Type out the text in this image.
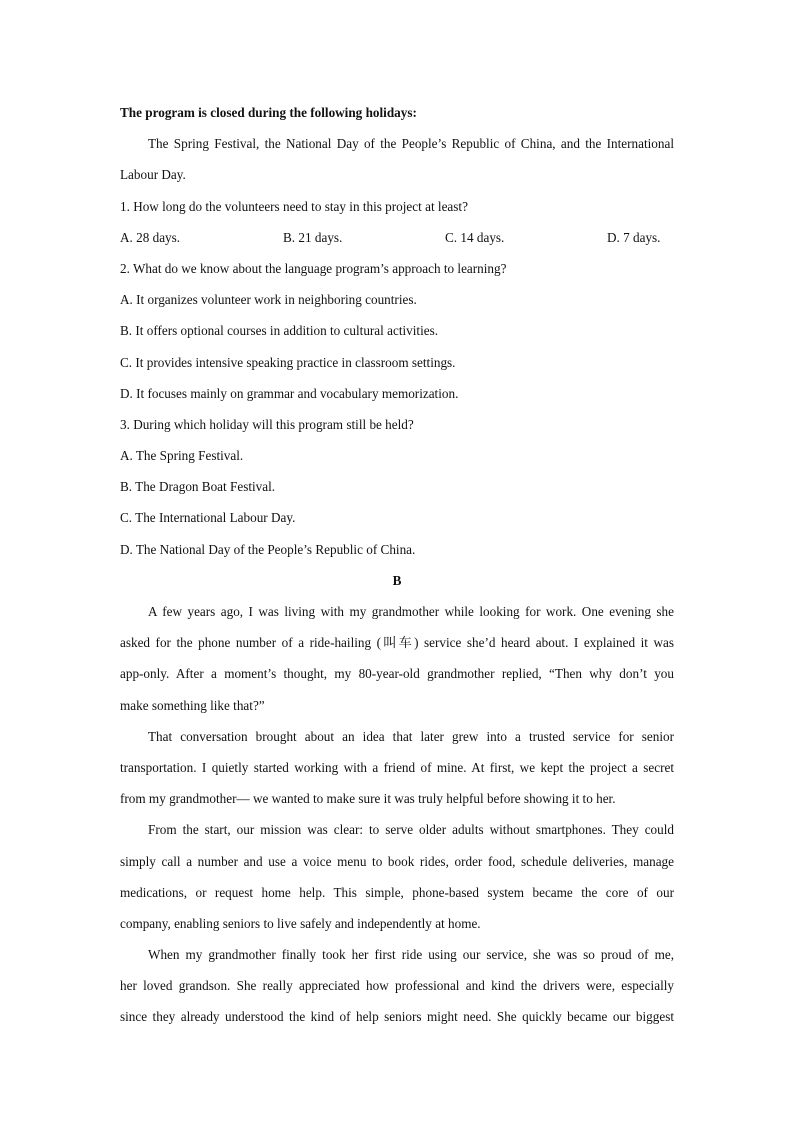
The program is closed during the following holidays:
The Spring Festival, the National Day of the People’s Republic of China, and the International
Labour Day.
1. How long do the volunteers need to stay in this project at least?
A. 28 days.	B. 21 days.	C. 14 days.	D. 7 days.
2. What do we know about the language program’s approach to learning?
A. It organizes volunteer work in neighboring countries.
B. It offers optional courses in addition to cultural activities.
C. It provides intensive speaking practice in classroom settings.
D. It focuses mainly on grammar and vocabulary memorization.
3. During which holiday will this program still be held?
A. The Spring Festival.
B. The Dragon Boat Festival.
C. The International Labour Day.
D. The National Day of the People’s Republic of China.
B
A few years ago, I was living with my grandmother while looking for work. One evening she
asked for the phone number of a ride-hailing (叫车) service she’d heard about. I explained it was
app-only. After a moment’s thought, my 80-year-old grandmother replied, “Then why don’t you
make something like that?”
That conversation brought about an idea that later grew into a trusted service for senior
transportation. I quietly started working with a friend of mine. At first, we kept the project a secret
from my grandmother— we wanted to make sure it was truly helpful before showing it to her.
From the start, our mission was clear: to serve older adults without smartphones. They could
simply call a number and use a voice menu to book rides, order food, schedule deliveries, manage
medications, or request home help. This simple, phone-based system became the core of our
company, enabling seniors to live safely and independently at home.
When my grandmother finally took her first ride using our service, she was so proud of me,
her loved grandson. She really appreciated how professional and kind the drivers were, especially
since they already understood the kind of help seniors might need. She quickly became our biggest
